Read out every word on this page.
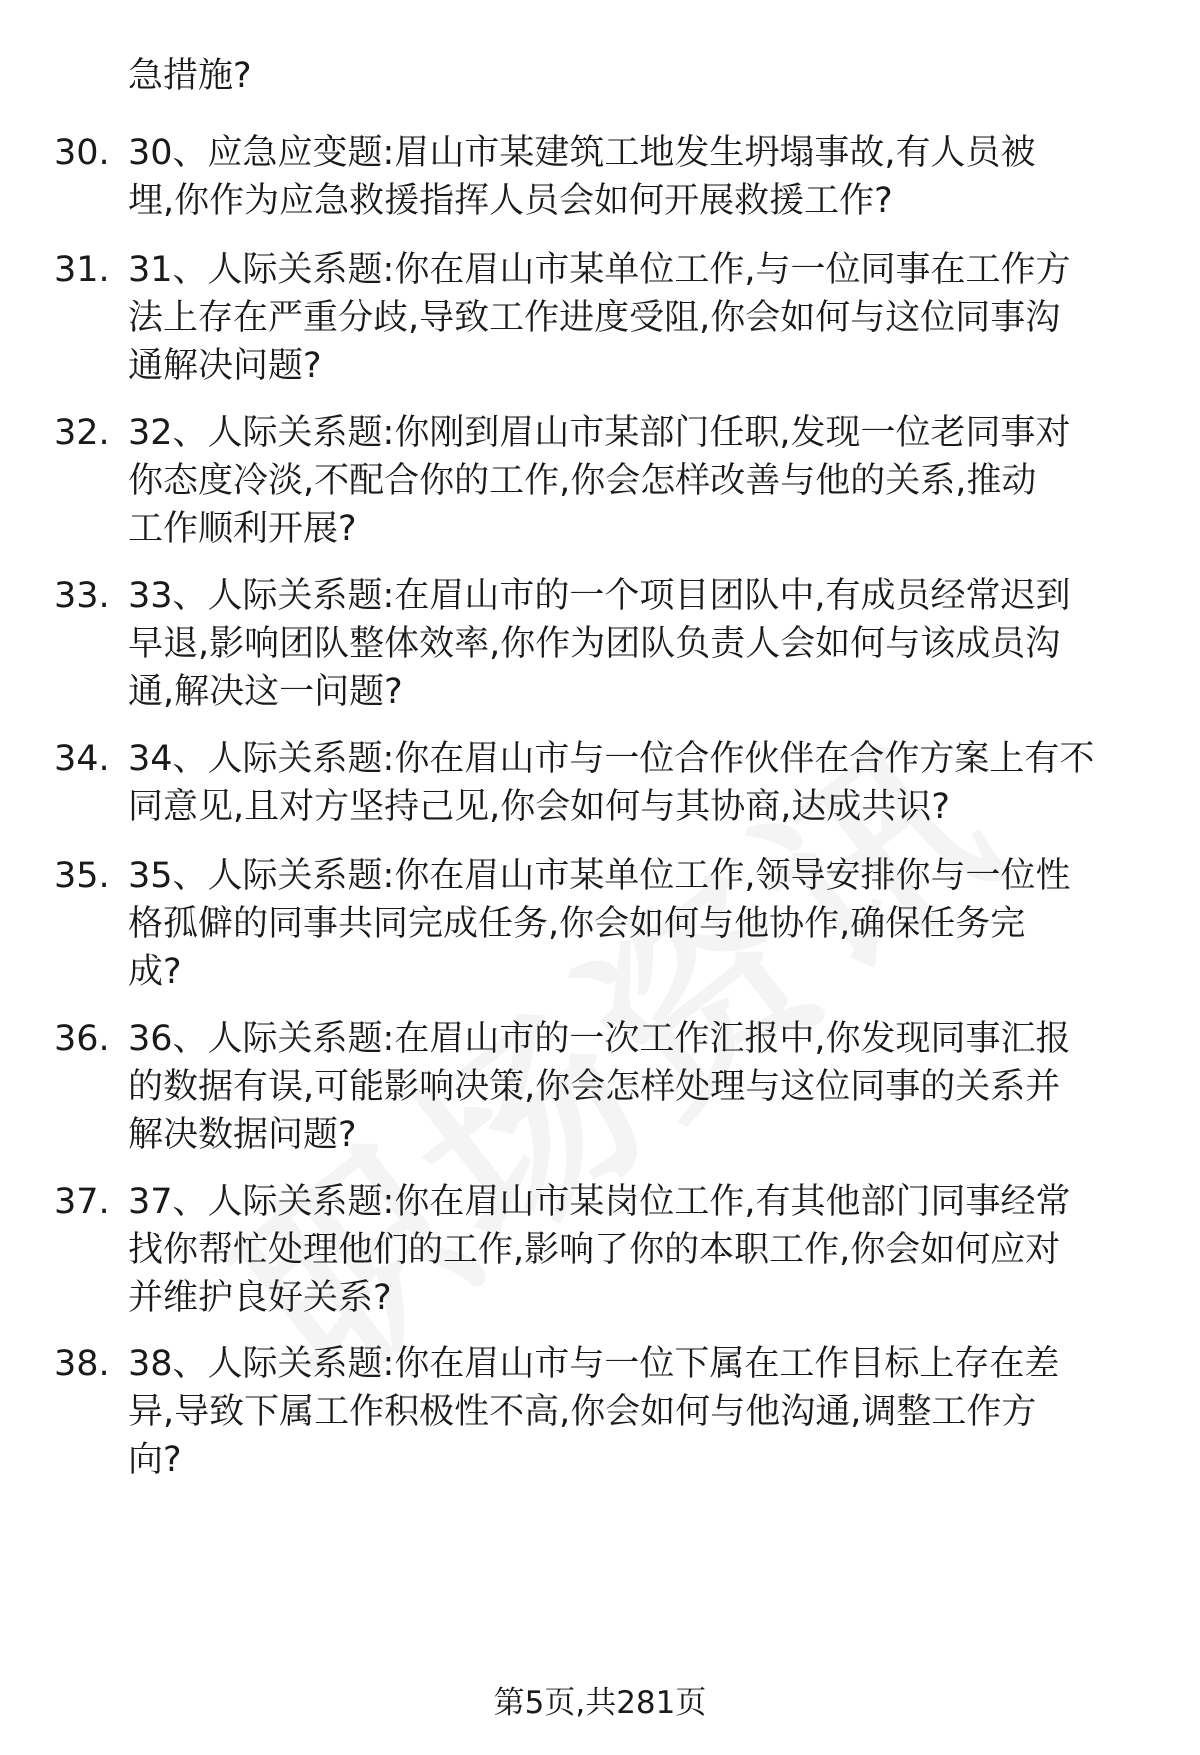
急措施?
30. 30、应急应变题:眉山市某建筑工地发生坍塌事故,有人员被
埋,你作为应急救援指挥人员会如何开展救援工作?
31. 31、人际关系题:你在眉山市某单位工作,与一位同事在工作方
法上存在严重分歧,导致工作进度受阻,你会如何与这位同事沟
通解决问题?
32. 32、人际关系题:你刚到眉山市某部门任职,发现一位老同事对
你态度冷淡,不配合你的工作,你会怎样改善与他的关系,推动
工作顺利开展?
33. 33、人际关系题:在眉山市的一个项目团队中,有成员经常迟到
早退,影响团队整体效率,你作为团队负责人会如何与该成员沟
通,解决这一问题?
34. 34、人际关系题:你在眉山市与一位合作伙伴在合作方案上有不
同意见,且对方坚持己见,你会如何与其协商,达成共识?
35. 35、人际关系题:你在眉山市某单位工作,领导安排你与一位性
格孤僻的同事共同完成任务,你会如何与他协作,确保任务完
成?
36. 36、人际关系题:在眉山市的一次工作汇报中,你发现同事汇报
的数据有误,可能影响决策,你会怎样处理与这位同事的关系并
解决数据问题?
37. 37、人际关系题:你在眉山市某岗位工作,有其他部门同事经常
找你帮忙处理他们的工作,影响了你的本职工作,你会如何应对
并维护良好关系?
38. 38、人际关系题:你在眉山市与一位下属在工作目标上存在差
异,导致下属工作积极性不高,你会如何与他沟通,调整工作方
向?
第5页,共281页
